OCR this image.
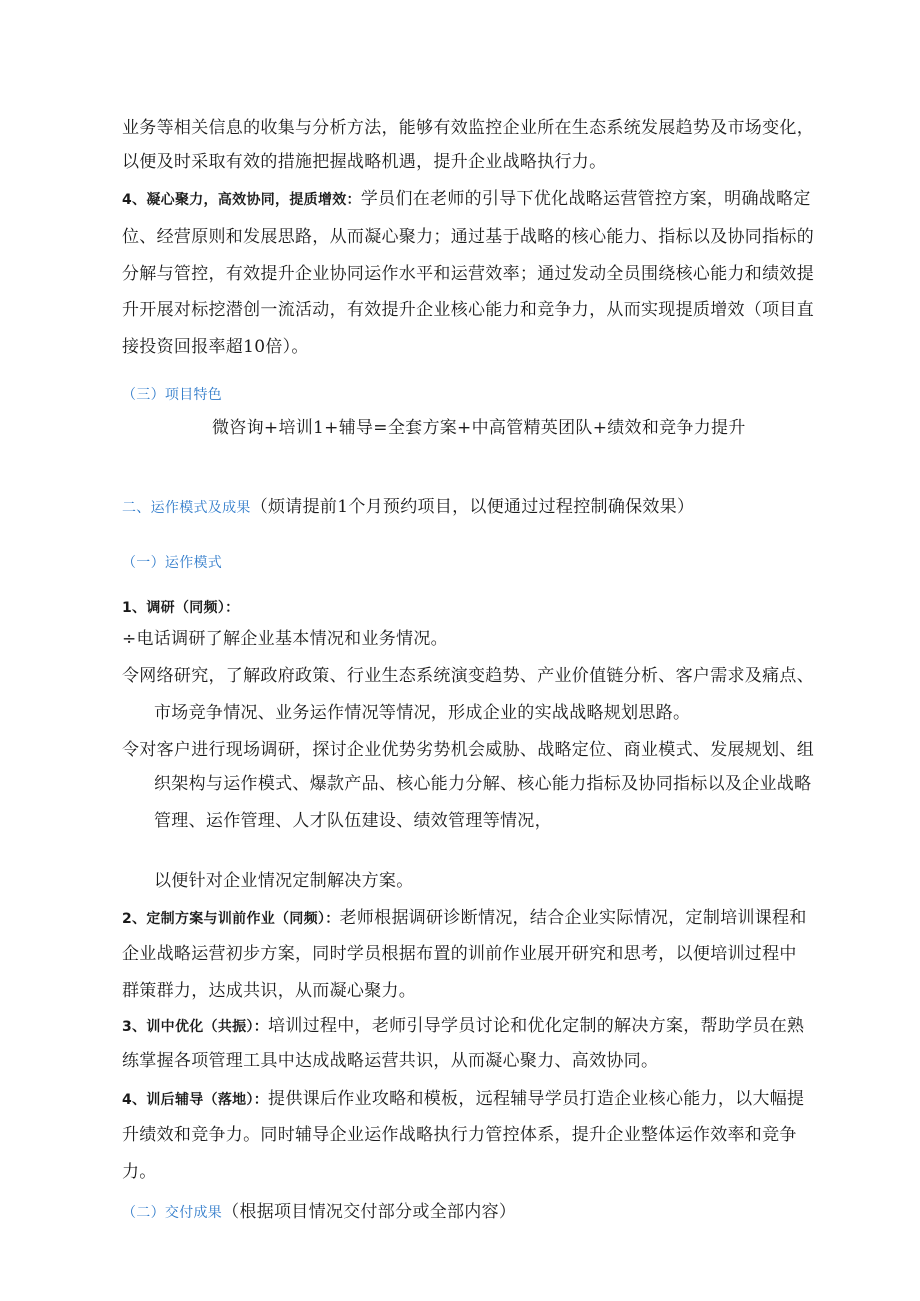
业务等相关信息的收集与分析方法，能够有效监控企业所在生态系统发展趋势及市场变化，
以便及时采取有效的措施把握战略机遇，提升企业战略执行力。
4、凝心聚力，高效协同，提质增效：学员们在老师的引导下优化战略运营管控方案，明确战略定
位、经营原则和发展思路，从而凝心聚力；通过基于战略的核心能力、指标以及协同指标的
分解与管控，有效提升企业协同运作水平和运营效率；通过发动全员围绕核心能力和绩效提
升开展对标挖潜创一流活动，有效提升企业核心能力和竞争力，从而实现提质增效（项目直
接投资回报率超10倍）。
（三）项目特色
微咨询+培训1+辅导=全套方案+中高管精英团队+绩效和竞争力提升
二、运作模式及成果（烦请提前1个月预约项目，以便通过过程控制确保效果）
（一）运作模式
1、调研（同频）：
÷电话调研了解企业基本情况和业务情况。
令网络研究，了解政府政策、行业生态系统演变趋势、产业价值链分析、客户需求及痛点、
市场竞争情况、业务运作情况等情况，形成企业的实战战略规划思路。
令对客户进行现场调研，探讨企业优势劣势机会威胁、战略定位、商业模式、发展规划、组
织架构与运作模式、爆款产品、核心能力分解、核心能力指标及协同指标以及企业战略
管理、运作管理、人才队伍建设、绩效管理等情况，
以便针对企业情况定制解决方案。
2、定制方案与训前作业（同频）：老师根据调研诊断情况，结合企业实际情况，定制培训课程和
企业战略运营初步方案，同时学员根据布置的训前作业展开研究和思考，以便培训过程中
群策群力，达成共识，从而凝心聚力。
3、训中优化（共振）：培训过程中，老师引导学员讨论和优化定制的解决方案，帮助学员在熟
练掌握各项管理工具中达成战略运营共识，从而凝心聚力、高效协同。
4、训后辅导（落地）：提供课后作业攻略和模板，远程辅导学员打造企业核心能力，以大幅提
升绩效和竞争力。同时辅导企业运作战略执行力管控体系，提升企业整体运作效率和竞争
力。
（二）交付成果（根据项目情况交付部分或全部内容）
